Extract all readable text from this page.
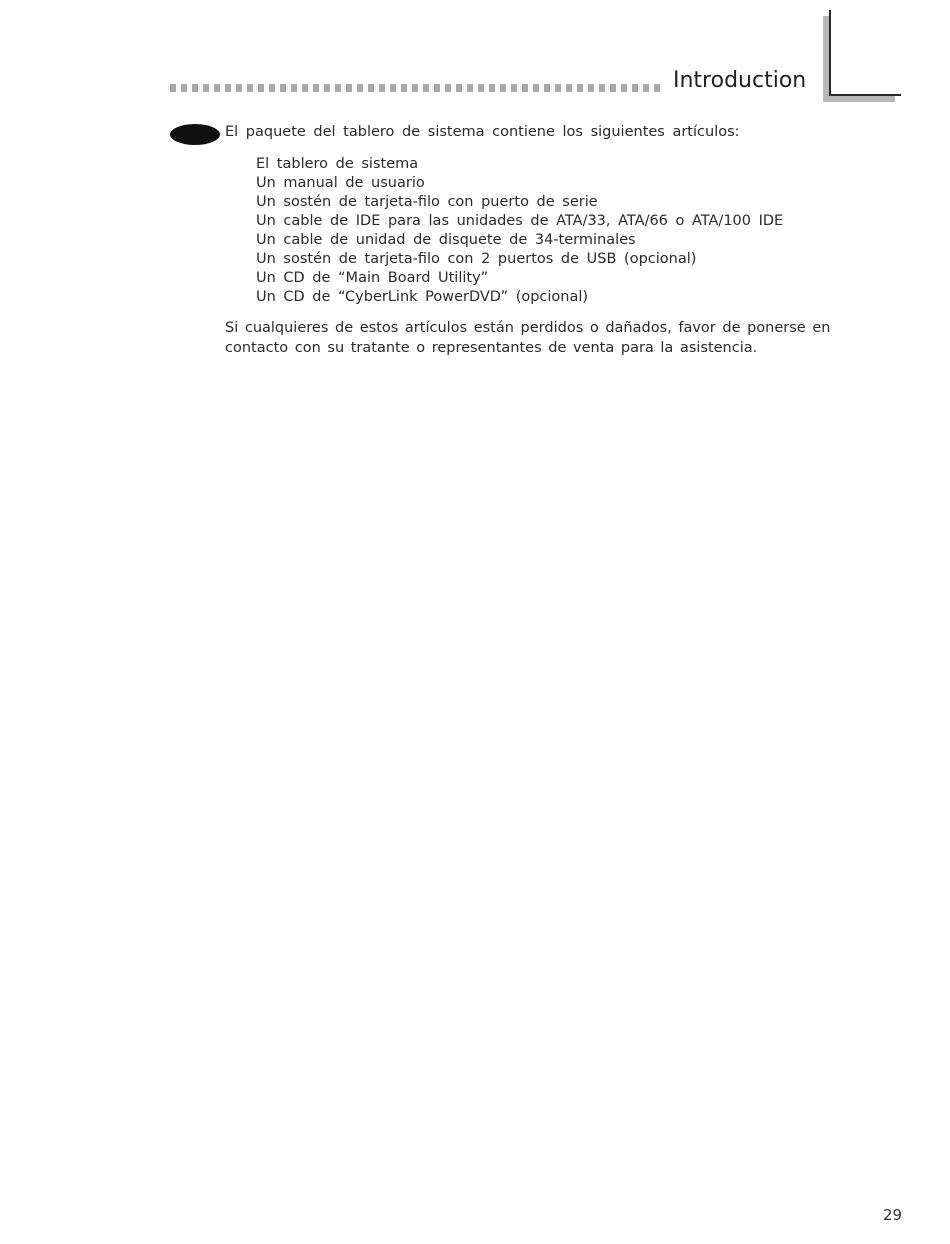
Introduction
El paquete del tablero de sistema contiene los siguientes artículos:
El tablero de sistema
Un manual de usuario
Un sostén de tarjeta-filo con puerto de serie
Un cable de IDE para las unidades de ATA/33, ATA/66 o ATA/100 IDE
Un cable de unidad de disquete de 34-terminales
Un sostén de tarjeta-filo con 2 puertos de USB (opcional)
Un CD de “Main Board Utility”
Un CD de “CyberLink PowerDVD” (opcional)
Si cualquieres de estos artículos están perdidos o dañados, favor de ponerse en
contacto con su tratante o representantes de venta para la asistencia.
29
